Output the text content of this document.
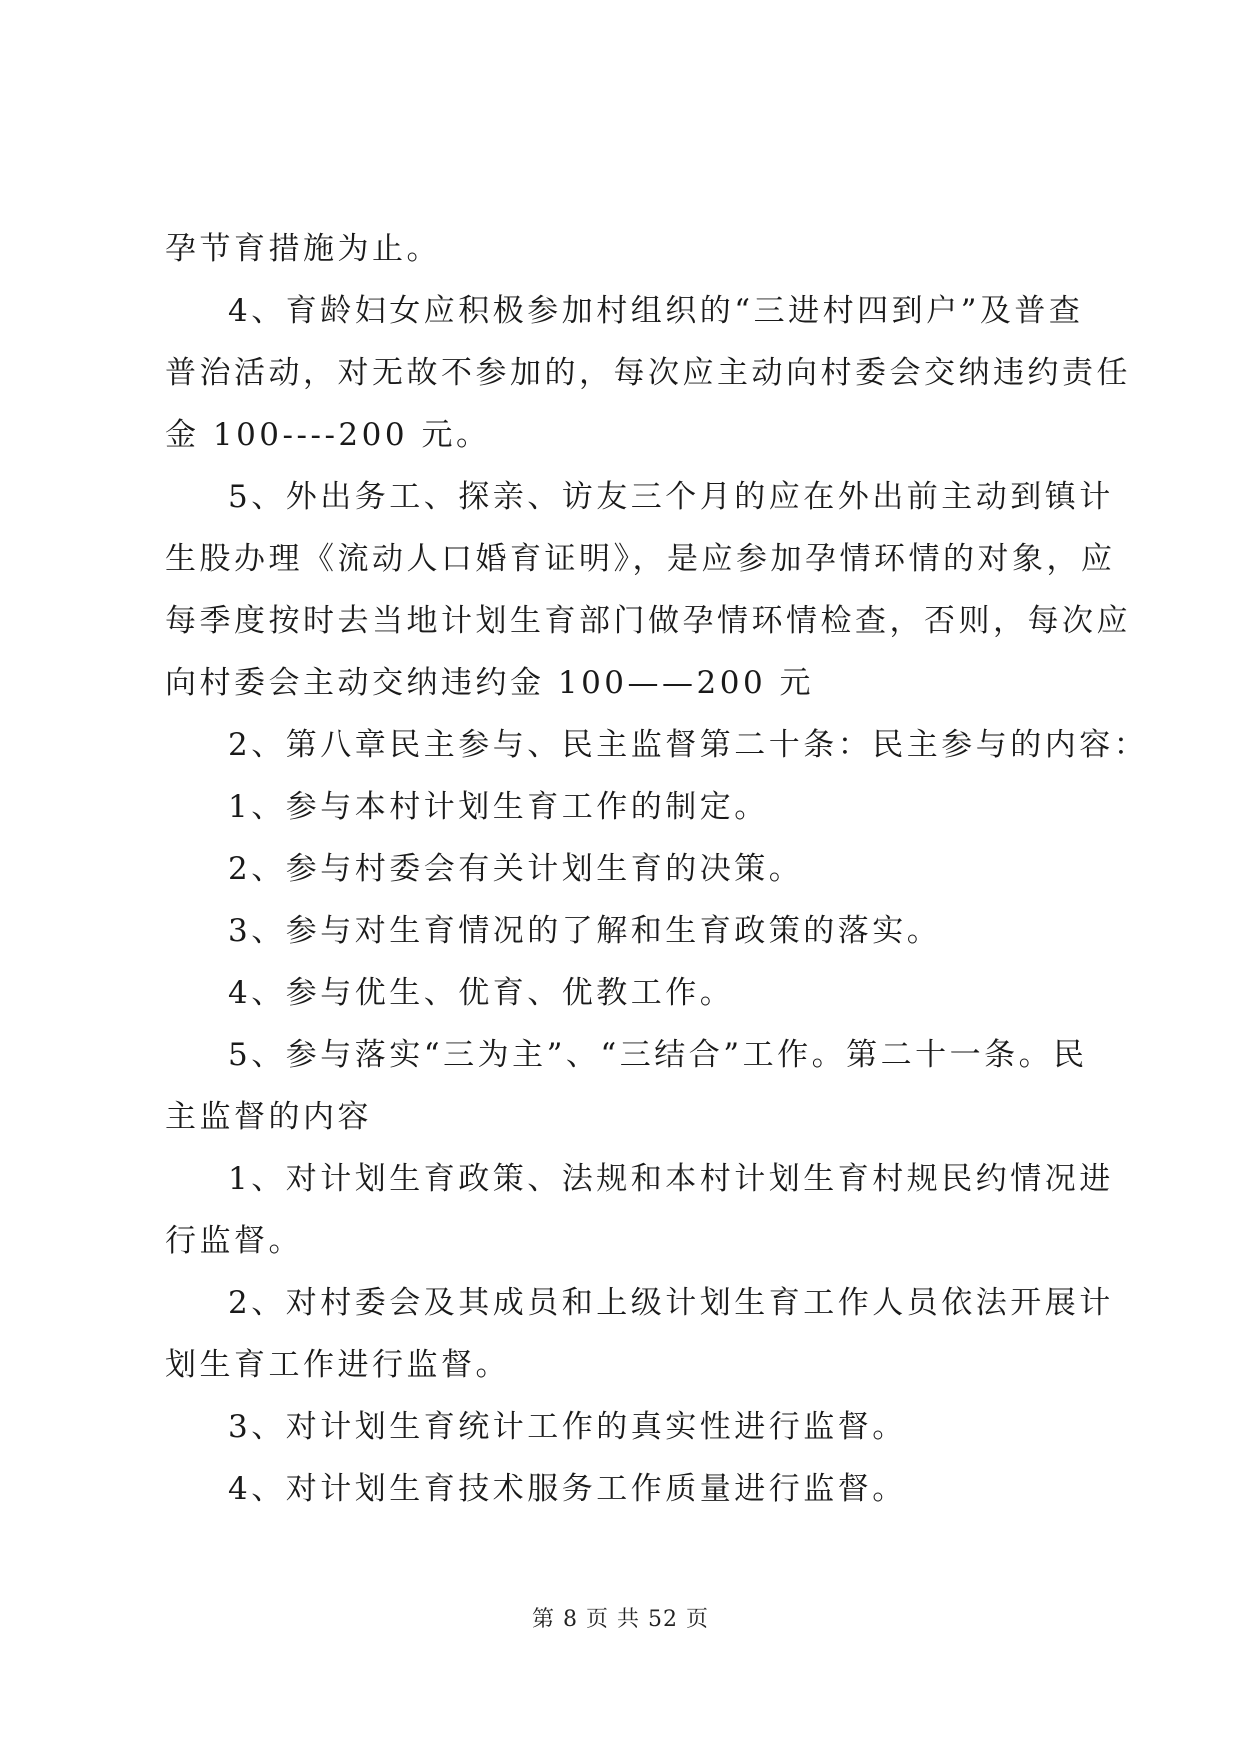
孕节育措施为止。
4、育龄妇女应积极参加村组织的“三进村四到户”及普查
普治活动，对无故不参加的，每次应主动向村委会交纳违约责任
金 100----200 元。
5、外出务工、探亲、访友三个月的应在外出前主动到镇计
生股办理《流动人口婚育证明》，是应参加孕情环情的对象，应
每季度按时去当地计划生育部门做孕情环情检查，否则，每次应
向村委会主动交纳违约金 100——200 元
2、第八章民主参与、民主监督第二十条：民主参与的内容：
1、参与本村计划生育工作的制定。
2、参与村委会有关计划生育的决策。
3、参与对生育情况的了解和生育政策的落实。
4、参与优生、优育、优教工作。
5、参与落实“三为主”、“三结合”工作。第二十一条。民
主监督的内容
1、对计划生育政策、法规和本村计划生育村规民约情况进
行监督。
2、对村委会及其成员和上级计划生育工作人员依法开展计
划生育工作进行监督。
3、对计划生育统计工作的真实性进行监督。
4、对计划生育技术服务工作质量进行监督。
第 8 页 共 52 页
